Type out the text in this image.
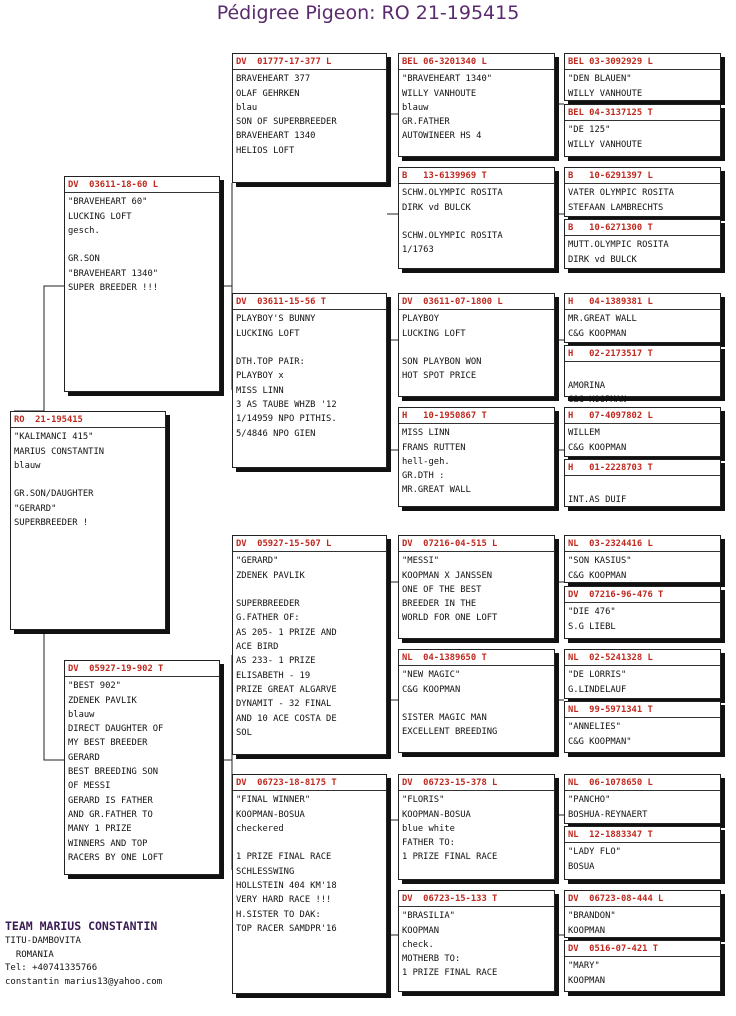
Pédigree Pigeon: RO 21-195415
DV  01777-17-377 L
BRAVEHEART 377
OLAF GEHRKEN
blau
SON OF SUPERBREEDER
BRAVEHEART 1340
HELIOS LOFT
BEL 06-3201340 L
"BRAVEHEART 1340"
WILLY VANHOUTE
blauw
GR.FATHER
AUTOWINEER HS 4
BEL 03-3092929 L
"DEN BLAUEN"
WILLY VANHOUTE
BEL 04-3137125 T
"DE 125"
WILLY VANHOUTE
B   13-6139969 T
SCHW.OLYMPIC ROSITA
DIRK vd BULCK
SCHW.OLYMPIC ROSITA
1/1763
B   10-6291397 L
VATER OLYMPIC ROSITA
STEFAAN LAMBRECHTS
B   10-6271300 T
MUTT.OLYMPIC ROSITA
DIRK vd BULCK
DV  03611-18-60 L
"BRAVEHEART 60"
LUCKING LOFT
gesch.
GR.SON
"BRAVEHEART 1340"
SUPER BREEDER !!!
DV  03611-15-56 T
PLAYBOY'S BUNNY
LUCKING LOFT
DTH.TOP PAIR:
PLAYBOY x
MISS LINN
3 AS TAUBE WHZB '12
1/14959 NPO PITHIS.
5/4846 NPO GIEN
DV  03611-07-1800 L
PLAYBOY
LUCKING LOFT
SON PLAYBON WON
HOT SPOT PRICE
H   04-1389381 L
MR.GREAT WALL
C&G KOOPMAN
H   02-2173517 T
AMORINA
C&G KOOPMAN
H   10-1950867 T
MISS LINN
FRANS RUTTEN
hell-geh.
GR.DTH :
MR.GREAT WALL
H   07-4097802 L
WILLEM
C&G KOOPMAN
H   01-2228703 T
INT.AS DUIF
RO  21-195415
"KALIMANCI 415"
MARIUS CONSTANTIN
blauw
GR.SON/DAUGHTER
"GERARD"
SUPERBREEDER !
DV  05927-15-507 L
"GERARD"
ZDENEK PAVLIK
SUPERBREEDER
G.FATHER OF:
AS 205- 1 PRIZE AND
ACE BIRD
AS 233- 1 PRIZE
ELISABETH - 19
PRIZE GREAT ALGARVE
DYNAMIT - 32 FINAL
AND 10 ACE COSTA DE
SOL
DV  07216-04-515 L
"MESSI"
KOOPMAN X JANSSEN
ONE OF THE BEST
BREEDER IN THE
WORLD FOR ONE LOFT
NL  03-2324416 L
"SON KASIUS"
C&G KOOPMAN
DV  07216-96-476 T
"DIE 476"
S.G LIEBL
NL  04-1389650 T
"NEW MAGIC"
C&G KOOPMAN
SISTER MAGIC MAN
EXCELLENT BREEDING
NL  02-5241328 L
"DE LORRIS"
G.LINDELAUF
NL  99-5971341 T
"ANNELIES"
C&G KOOPMAN"
DV  05927-19-902 T
"BEST 902"
ZDENEK PAVLIK
blauw
DIRECT DAUGHTER OF
MY BEST BREEDER
GERARD
BEST BREEDING SON
OF MESSI
GERARD IS FATHER
AND GR.FATHER TO
MANY 1 PRIZE
WINNERS AND TOP
RACERS BY ONE LOFT
DV  06723-18-8175 T
"FINAL WINNER"
KOOPMAN-BOSUA
checkered
1 PRIZE FINAL RACE
SCHLESSWING
HOLLSTEIN 404 KM'18
VERY HARD RACE !!!
H.SISTER TO DAK:
TOP RACER SAMDPR'16
DV  06723-15-378 L
"FLORIS"
KOOPMAN-BOSUA
blue white
FATHER TO:
1 PRIZE FINAL RACE
NL  06-1078650 L
"PANCHO"
BOSHUA-REYNAERT
NL  12-1883347 T
"LADY FLO"
BOSUA
DV  06723-15-133 T
"BRASILIA"
KOOPMAN
check.
MOTHERB TO:
1 PRIZE FINAL RACE
DV  06723-08-444 L
"BRANDON"
KOOPMAN
DV  0516-07-421 T
"MARY"
KOOPMAN
TEAM MARIUS CONSTANTIN
TITU-DAMBOVITA
ROMANIA
Tel: +40741335766
constantin marius13@yahoo.com
